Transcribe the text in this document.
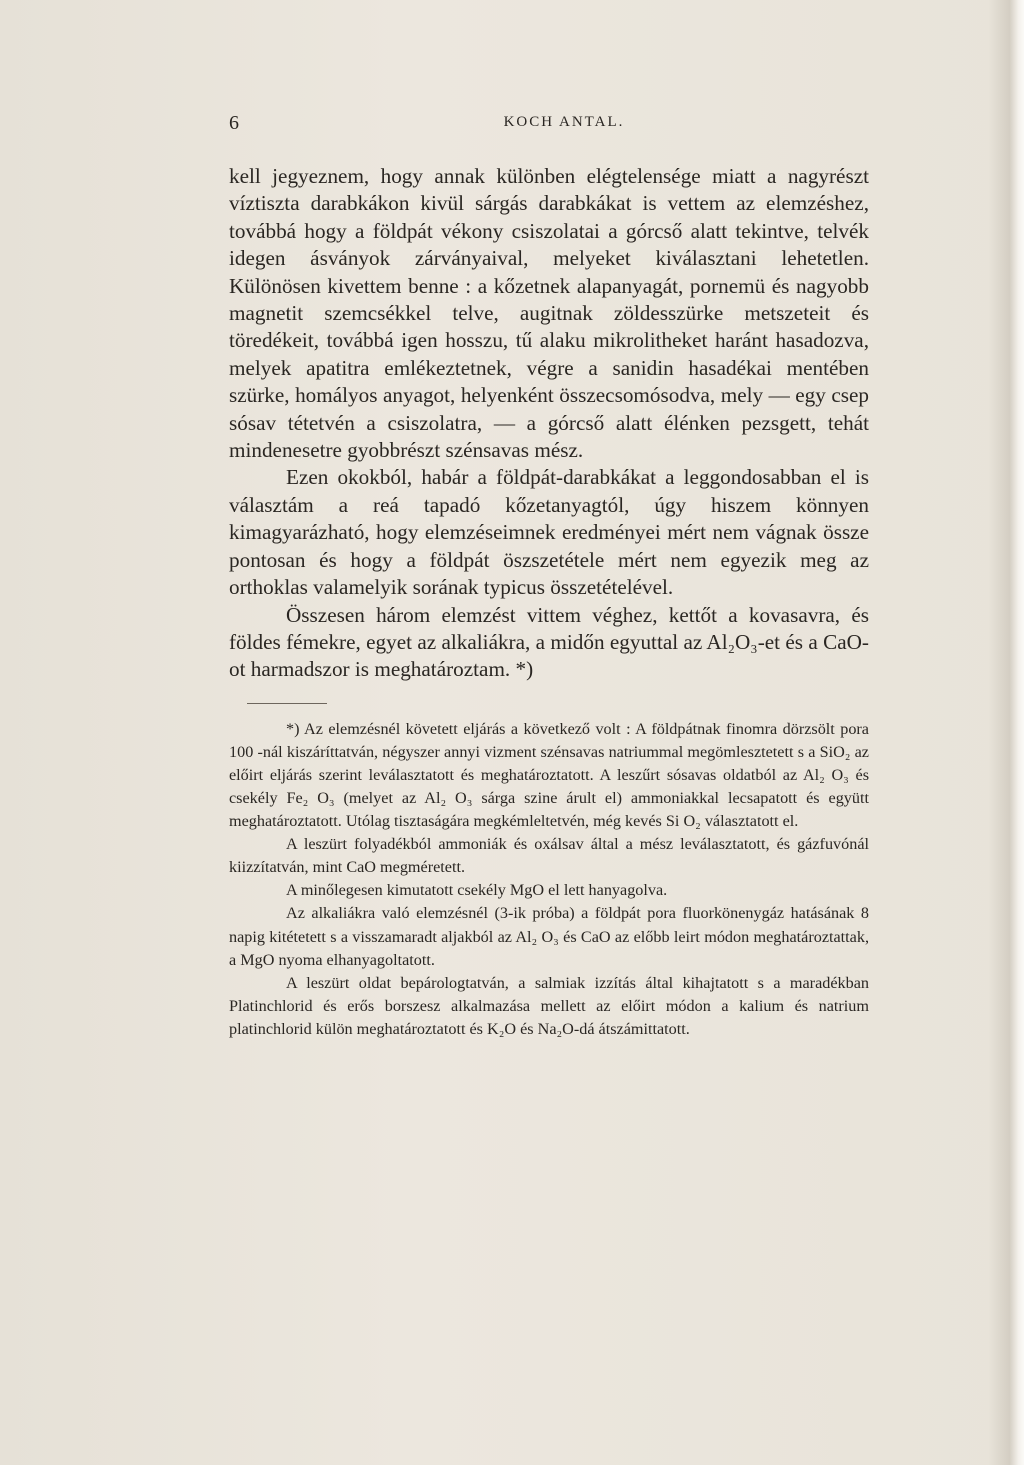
6	KOCH ANTAL.

kell jegyeznem, hogy annak különben elégtelensége miatt a nagyrészt víztiszta darabkákon kivül sárgás darabkákat is vettem az elemzéshez, továbbá hogy a földpát vékony csiszolatai a górcső alatt tekintve, telvék idegen ásványok zárványaival, melyeket kiválasztani lehetetlen. Különösen kivettem benne : a kőzetnek alapanyagát, pornemü és nagyobb magnetit szemcsékkel telve, augitnak zöldesszürke metszeteit és töredékeit, továbbá igen hosszu, tű alaku mikrolitheket haránt hasadozva, melyek apatitra emlékeztetnek, végre a sanidin hasadékai mentében szürke, homályos anyagot, helyenként összecsomósodva, mely — egy csep sósav tétetvén a csiszolatra, — a górcső alatt élénken pezsgett, tehát mindenesetre gyobbrészt szénsavas mész.

Ezen okokból, habár a földpát-darabkákat a leggondosabban el is választám a reá tapadó kőzetanyagtól, úgy hiszem könnyen kimagyarázható, hogy elemzéseimnek eredményei mért nem vágnak össze pontosan és hogy a földpát öszszetétele mért nem egyezik meg az orthoklas valamelyik sorának typicus összetételével.

Összesen három elemzést vittem véghez, kettőt a kovasavra, és földes fémekre, egyet az alkaliákra, a midőn egyuttal az Al₂O₃-et és a CaO-ot harmadszor is meghatároztam. *)

*) Az elemzésnél követett eljárás a következő volt : A földpátnak finomra dörzsölt pora 100 -nál kiszáríttatván, négyszer annyi vizment szénsavas natriummal megömlesztetett s a SiO₂ az előirt eljárás szerint leválasztatott és meghatároztatott. A leszűrt sósavas oldatból az Al₂ O₃ és csekély Fe₂ O₃ (melyet az Al₂ O₃ sárga szine árult el) ammoniakkal lecsapatott és együtt meghatároztatott. Utólag tisztaságára megkémleltetvén, még kevés Si O₂ választatott el.

A leszürt folyadékból ammoniák és oxálsav által a mész leválasztatott, és gázfuvónál kiizzítatván, mint CaO megméretett.

A minőlegesen kimutatott csekély MgO el lett hanyagolva.

Az alkaliákra való elemzésnél (3-ik próba) a földpát pora fluorkönenygáz hatásának 8 napig kitétetett s a visszamaradt aljakból az Al₂ O₃ és CaO az előbb leirt módon meghatároztattak, a MgO nyoma elhanyagoltatott.

A leszürt oldat bepárologtatván, a salmiak izzítás által kihajtatott s a maradékban Platinchlorid és erős borszesz alkalmazása mellett az előirt módon a kalium és natrium platinchlorid külön meghatároztatott és K₂O és Na₂O-dá átszámittatott.
